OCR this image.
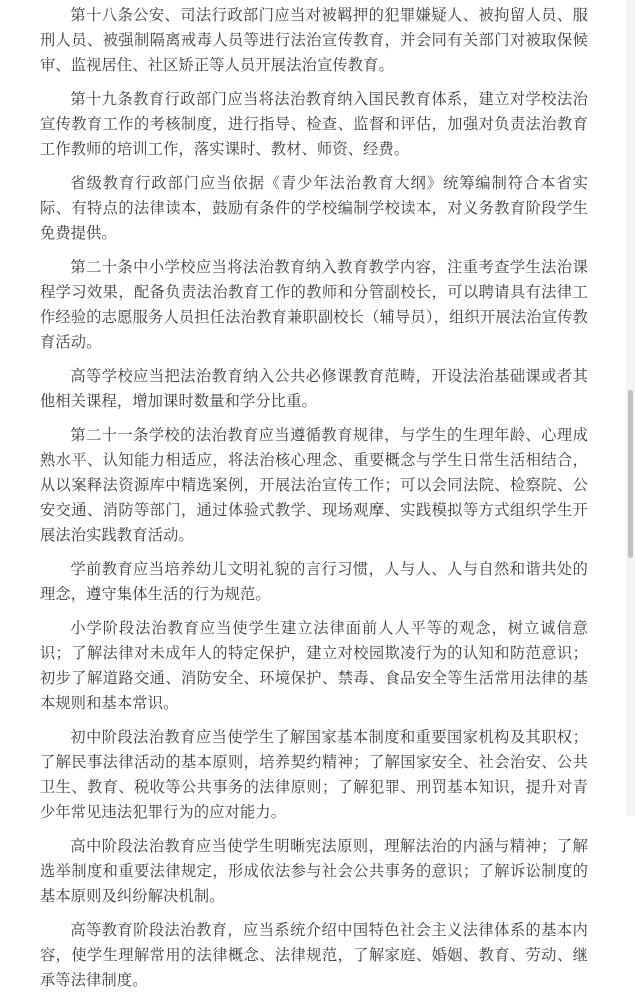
第十八条公安、司法行政部门应当对被羁押的犯罪嫌疑人、被拘留人员、服刑人员、被强制隔离戒毒人员等进行法治宣传教育，并会同有关部门对被取保候审、监视居住、社区矫正等人员开展法治宣传教育。

第十九条教育行政部门应当将法治教育纳入国民教育体系，建立对学校法治宣传教育工作的考核制度，进行指导、检查、监督和评估，加强对负责法治教育工作教师的培训工作，落实课时、教材、师资、经费。

省级教育行政部门应当依据《青少年法治教育大纲》统筹编制符合本省实际、有特点的法律读本，鼓励有条件的学校编制学校读本，对义务教育阶段学生免费提供。

第二十条中小学校应当将法治教育纳入教育教学内容，注重考查学生法治课程学习效果，配备负责法治教育工作的教师和分管副校长，可以聘请具有法律工作经验的志愿服务人员担任法治教育兼职副校长（辅导员），组织开展法治宣传教育活动。

高等学校应当把法治教育纳入公共必修课教育范畴，开设法治基础课或者其他相关课程，增加课时数量和学分比重。

第二十一条学校的法治教育应当遵循教育规律，与学生的生理年龄、心理成熟水平、认知能力相适应，将法治核心理念、重要概念与学生日常生活相结合，从以案释法资源库中精选案例，开展法治宣传工作；可以会同法院、检察院、公安交通、消防等部门，通过体验式教学、现场观摩、实践模拟等方式组织学生开展法治实践教育活动。

学前教育应当培养幼儿文明礼貌的言行习惯，人与人、人与自然和谐共处的理念，遵守集体生活的行为规范。

小学阶段法治教育应当使学生建立法律面前人人平等的观念，树立诚信意识；了解法律对未成年人的特定保护，建立对校园欺凌行为的认知和防范意识；初步了解道路交通、消防安全、环境保护、禁毒、食品安全等生活常用法律的基本规则和基本常识。

初中阶段法治教育应当使学生了解国家基本制度和重要国家机构及其职权；了解民事法律活动的基本原则，培养契约精神；了解国家安全、社会治安、公共卫生、教育、税收等公共事务的法律原则；了解犯罪、刑罚基本知识，提升对青少年常见违法犯罪行为的应对能力。

高中阶段法治教育应当使学生明晰宪法原则，理解法治的内涵与精神；了解选举制度和重要法律规定，形成依法参与社会公共事务的意识；了解诉讼制度的基本原则及纠纷解决机制。

高等教育阶段法治教育，应当系统介绍中国特色社会主义法律体系的基本内容，使学生理解常用的法律概念、法律规范，了解家庭、婚姻、教育、劳动、继承等法律制度。
